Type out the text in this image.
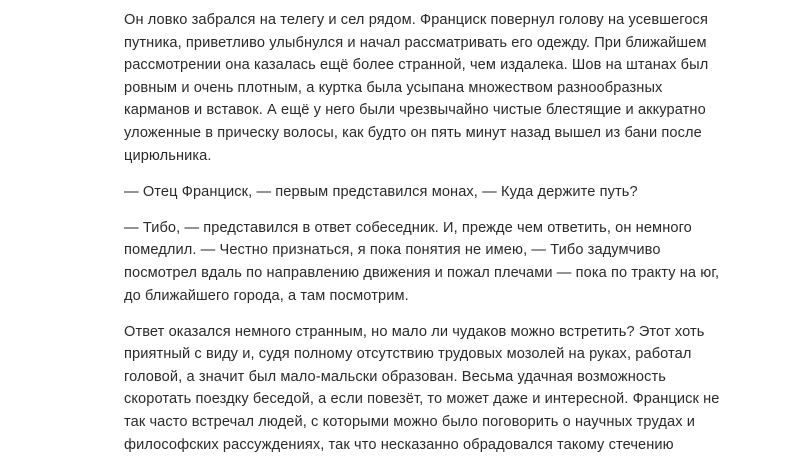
Он ловко забрался на телегу и сел рядом. Франциск повернул голову на усевшегося
путника, приветливо улыбнулся и начал рассматривать его одежду. При ближайшем
рассмотрении она казалась ещё более странной, чем издалека. Шов на штанах был
ровным и очень плотным, а куртка была усыпана множеством разнообразных
карманов и вставок. А ещё у него были чрезвычайно чистые блестящие и аккуратно
уложенные в прическу волосы, как будто он пять минут назад вышел из бани после
цирюльника.

— Отец Франциск, — первым представился монах, — Куда держите путь?

— Тибо, — представился в ответ собеседник. И, прежде чем ответить, он немного
помедлил. — Честно признаться, я пока понятия не имею, — Тибо задумчиво
посмотрел вдаль по направлению движения и пожал плечами — пока по тракту на юг,
до ближайшего города, а там посмотрим.

Ответ оказался немного странным, но мало ли чудаков можно встретить? Этот хоть
приятный с виду и, судя полному отсутствию трудовых мозолей на руках, работал
головой, а значит был мало-мальски образован. Весьма удачная возможность
скоротать поездку беседой, а если повезёт, то может даже и интересной. Франциск не
так часто встречал людей, с которыми можно было поговорить о научных трудах и
философских рассуждениях, так что несказанно обрадовался такому стечению
